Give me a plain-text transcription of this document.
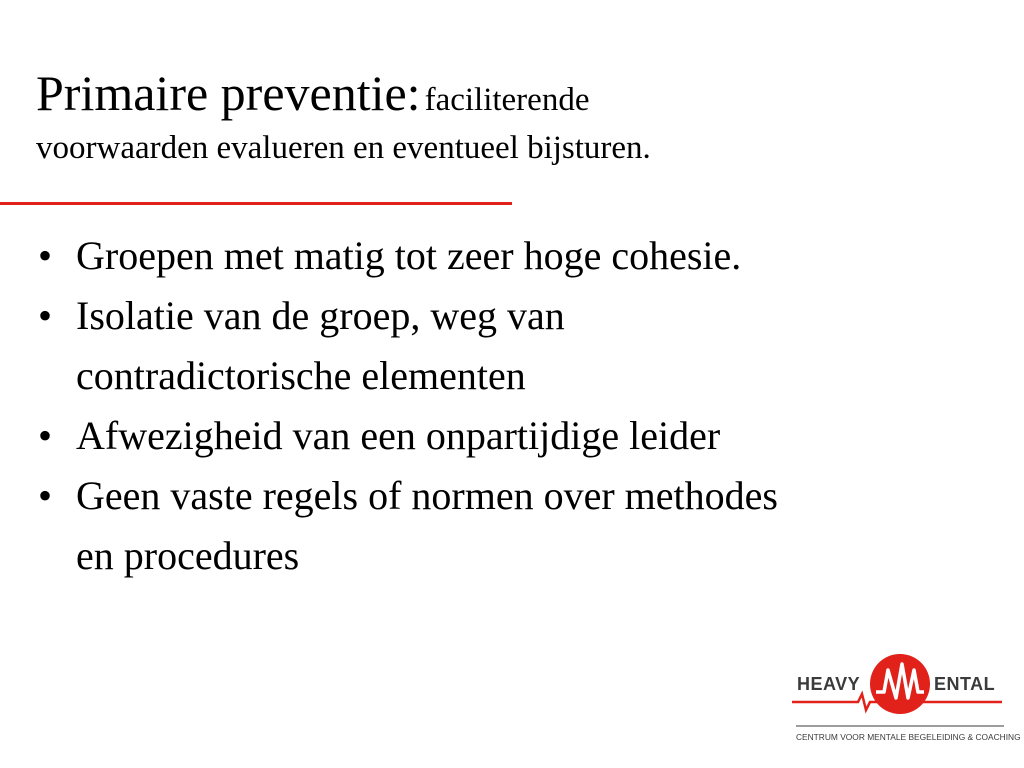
Primaire preventie: faciliterende
voorwaarden evalueren en eventueel bijsturen.
• Groepen met matig tot zeer hoge cohesie.
• Isolatie van de groep, weg van
contradictorische elementen
• Afwezigheid van een onpartijdige leider
• Geen vaste regels of normen over methodes
en procedures
M
HEAVY	ENTAL
CENTRUM VOOR MENTALE BEGELEIDING & COACHING
